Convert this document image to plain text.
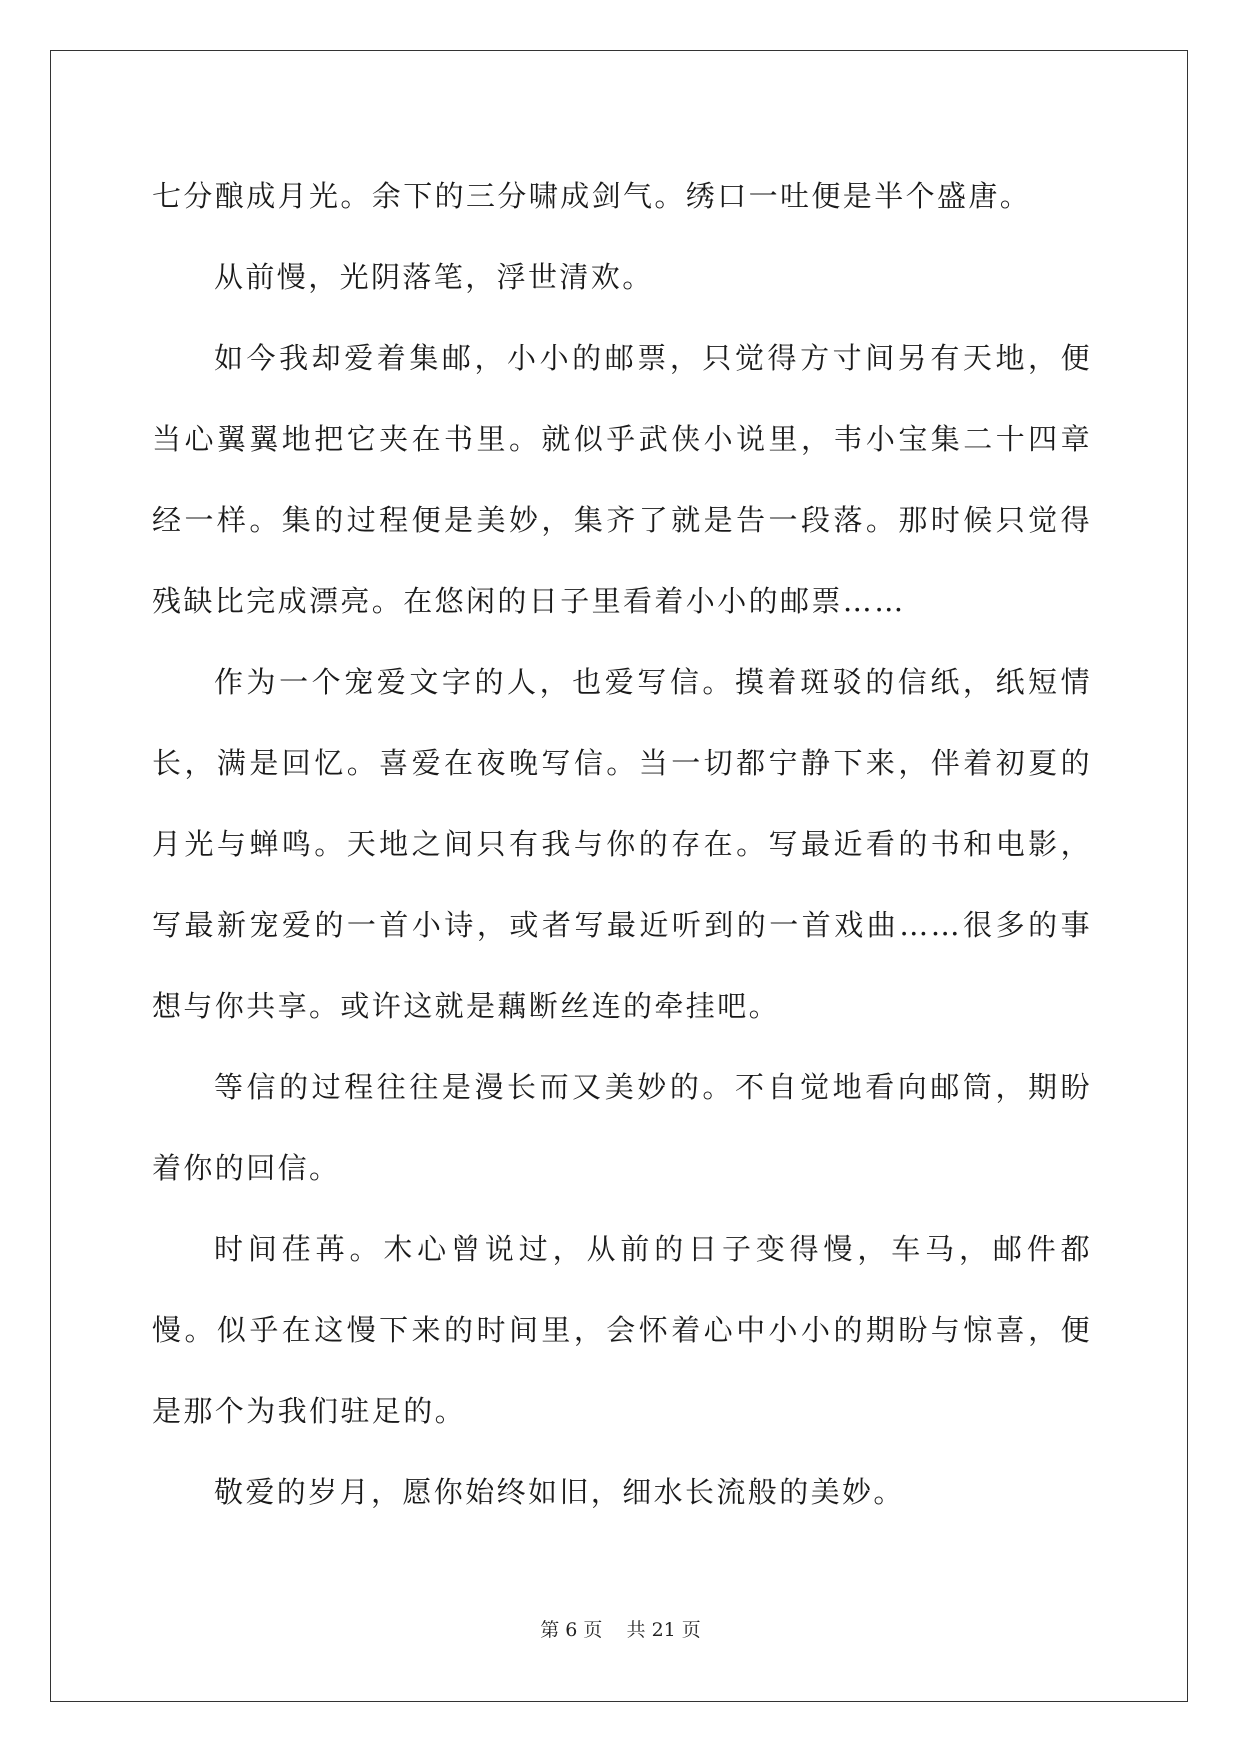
七分酿成月光。余下的三分啸成剑气。绣口一吐便是半个盛唐。

从前慢，光阴落笔，浮世清欢。

如今我却爱着集邮，小小的邮票，只觉得方寸间另有天地，便当心翼翼地把它夹在书里。就似乎武侠小说里，韦小宝集二十四章经一样。集的过程便是美妙，集齐了就是告一段落。那时候只觉得残缺比完成漂亮。在悠闲的日子里看着小小的邮票……

作为一个宠爱文字的人，也爱写信。摸着斑驳的信纸，纸短情长，满是回忆。喜爱在夜晚写信。当一切都宁静下来，伴着初夏的月光与蝉鸣。天地之间只有我与你的存在。写最近看的书和电影，写最新宠爱的一首小诗，或者写最近听到的一首戏曲……很多的事想与你共享。或许这就是藕断丝连的牵挂吧。

等信的过程往往是漫长而又美妙的。不自觉地看向邮筒，期盼着你的回信。

时间荏苒。木心曾说过，从前的日子变得慢，车马，邮件都慢。似乎在这慢下来的时间里，会怀着心中小小的期盼与惊喜，便是那个为我们驻足的。

敬爱的岁月，愿你始终如旧，细水长流般的美妙。

第 6 页 共 21 页
